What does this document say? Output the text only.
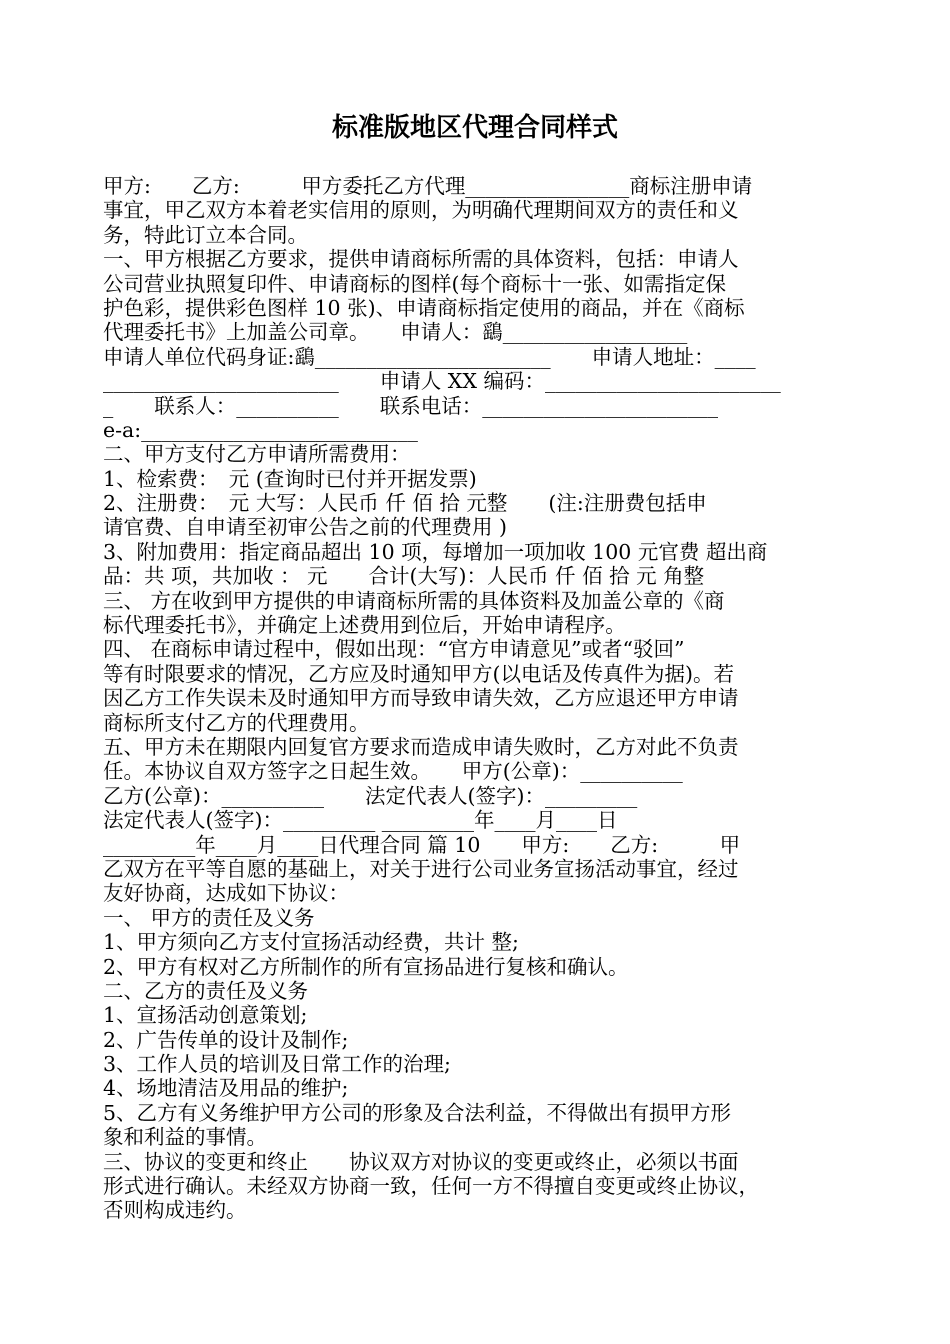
标准版地区代理合同样式
甲方:　　乙方:　　　甲方委托乙方代理________________商标注册申请
事宜，甲乙双方本着老实信用的原则，为明确代理期间双方的责任和义
务，特此订立本合同。
一、甲方根据乙方要求，提供申请商标所需的具体资料，包括：申请人
公司营业执照复印件、申请商标的图样(每个商标十一张、如需指定保
护色彩，提供彩色图样 10 张)、申请商标指定使用的商品，并在《商标
代理委托书》上加盖公司章。　　申请人：鷂__________________
申请人单位代码身证:鷂_______________________　　申请人地址：____
_______________________　　申请人 XX 编码：_______________________
_　　联系人：__________　　联系电话：_______________________
e-a:___________________________
二、甲方支付乙方申请所需费用：
1、检索费：　元 (查询时已付并开据发票)
2、注册费：　元 大写：人民币 仟 佰 拾 元整　　(注:注册费包括申
请官费、自申请至初审公告之前的代理费用 )
3、附加费用：指定商品超出 10 项，每增加一项加收 100 元官费 超出商
品：共 项，共加收 ： 元　　合计(大写)：人民币 仟 佰 拾 元 角整
三、 方在收到甲方提供的申请商标所需的具体资料及加盖公章的《商
标代理委托书》，并确定上述费用到位后，开始申请程序。
四、 在商标申请过程中，假如出现：“官方申请意见”或者“驳回”
等有时限要求的情况，乙方应及时通知甲方(以电话及传真件为据)。若
因乙方工作失误未及时通知甲方而导致申请失效，乙方应退还甲方申请
商标所支付乙方的代理费用。
五、甲方未在期限内回复官方要求而造成申请失败时，乙方对此不负责
任。本协议自双方签字之日起生效。　　甲方(公章)：__________
乙方(公章)：__________　　法定代表人(签字)：_________
法定代表人(签字)：_________ _________年____月____日
_________年____月____日代理合同 篇 10　　甲方:　　乙方:　　　甲
乙双方在平等自愿的基础上，对关于进行公司业务宣扬活动事宜，经过
友好协商，达成如下协议：
一、 甲方的责任及义务
1、甲方须向乙方支付宣扬活动经费，共计 整;
2、甲方有权对乙方所制作的所有宣扬品进行复核和确认。
二、乙方的责任及义务
1、宣扬活动创意策划;
2、广告传单的设计及制作;
3、工作人员的培训及日常工作的治理;
4、场地清洁及用品的维护;
5、乙方有义务维护甲方公司的形象及合法利益，不得做出有损甲方形
象和利益的事情。
三、协议的变更和终止　　协议双方对协议的变更或终止，必须以书面
形式进行确认。未经双方协商一致，任何一方不得擅自变更或终止协议，
否则构成违约。
